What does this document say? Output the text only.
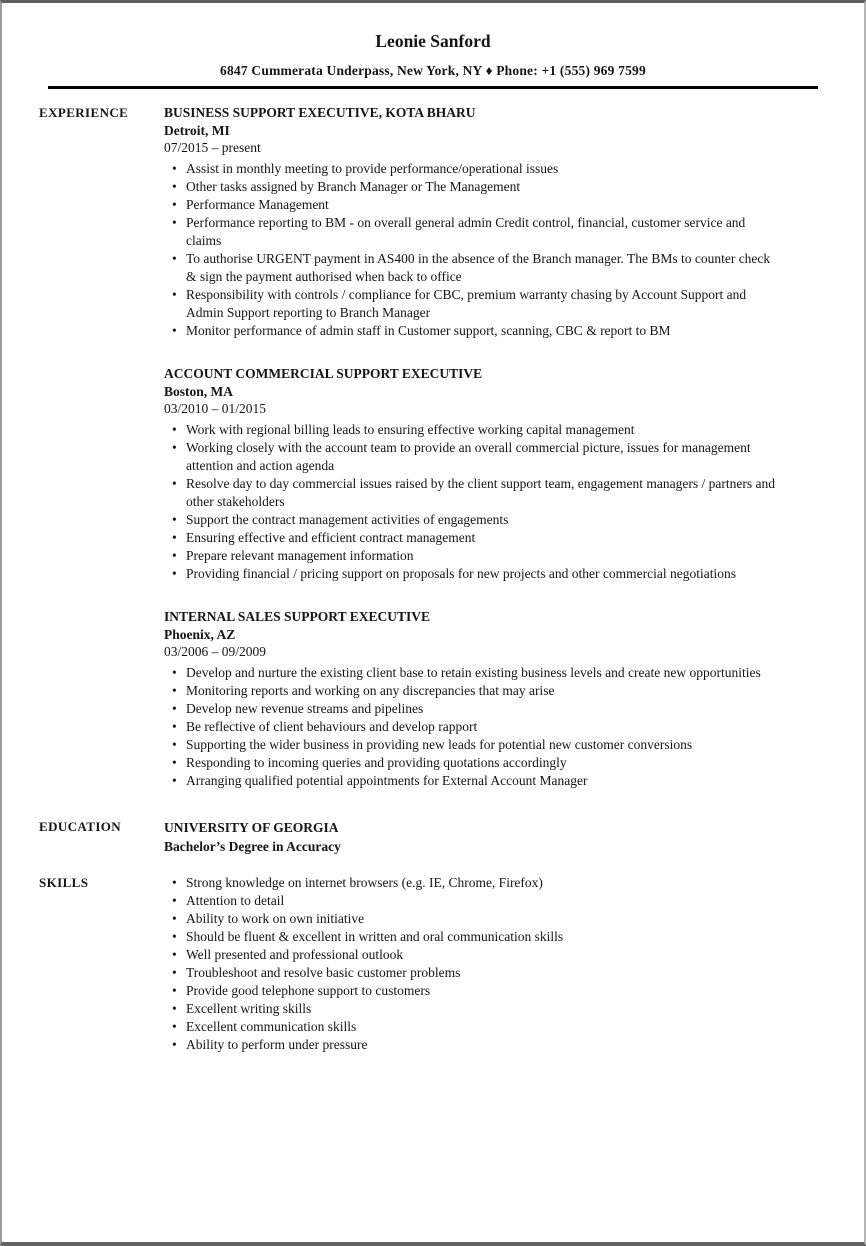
Leonie Sanford
6847 Cummerata Underpass, New York, NY ♦ Phone: +1 (555) 969 7599
EXPERIENCE	BUSINESS SUPPORT EXECUTIVE, KOTA BHARU
Detroit, MI
07/2015 – present
• Assist in monthly meeting to provide performance/operational issues
• Other tasks assigned by Branch Manager or The Management
• Performance Management
• Performance reporting to BM - on overall general admin Credit control, financial, customer service and claims
• To authorise URGENT payment in AS400 in the absence of the Branch manager. The BMs to counter check & sign the payment authorised when back to office
• Responsibility with controls / compliance for CBC, premium warranty chasing by Account Support and Admin Support reporting to Branch Manager
• Monitor performance of admin staff in Customer support, scanning, CBC & report to BM
ACCOUNT COMMERCIAL SUPPORT EXECUTIVE
Boston, MA
03/2010 – 01/2015
• Work with regional billing leads to ensuring effective working capital management
• Working closely with the account team to provide an overall commercial picture, issues for management attention and action agenda
• Resolve day to day commercial issues raised by the client support team, engagement managers / partners and other stakeholders
• Support the contract management activities of engagements
• Ensuring effective and efficient contract management
• Prepare relevant management information
• Providing financial / pricing support on proposals for new projects and other commercial negotiations
INTERNAL SALES SUPPORT EXECUTIVE
Phoenix, AZ
03/2006 – 09/2009
• Develop and nurture the existing client base to retain existing business levels and create new opportunities
• Monitoring reports and working on any discrepancies that may arise
• Develop new revenue streams and pipelines
• Be reflective of client behaviours and develop rapport
• Supporting the wider business in providing new leads for potential new customer conversions
• Responding to incoming queries and providing quotations accordingly
• Arranging qualified potential appointments for External Account Manager
EDUCATION	UNIVERSITY OF GEORGIA
Bachelor’s Degree in Accuracy
SKILLS	• Strong knowledge on internet browsers (e.g. IE, Chrome, Firefox)
• Attention to detail
• Ability to work on own initiative
• Should be fluent & excellent in written and oral communication skills
• Well presented and professional outlook
• Troubleshoot and resolve basic customer problems
• Provide good telephone support to customers
• Excellent writing skills
• Excellent communication skills
• Ability to perform under pressure
